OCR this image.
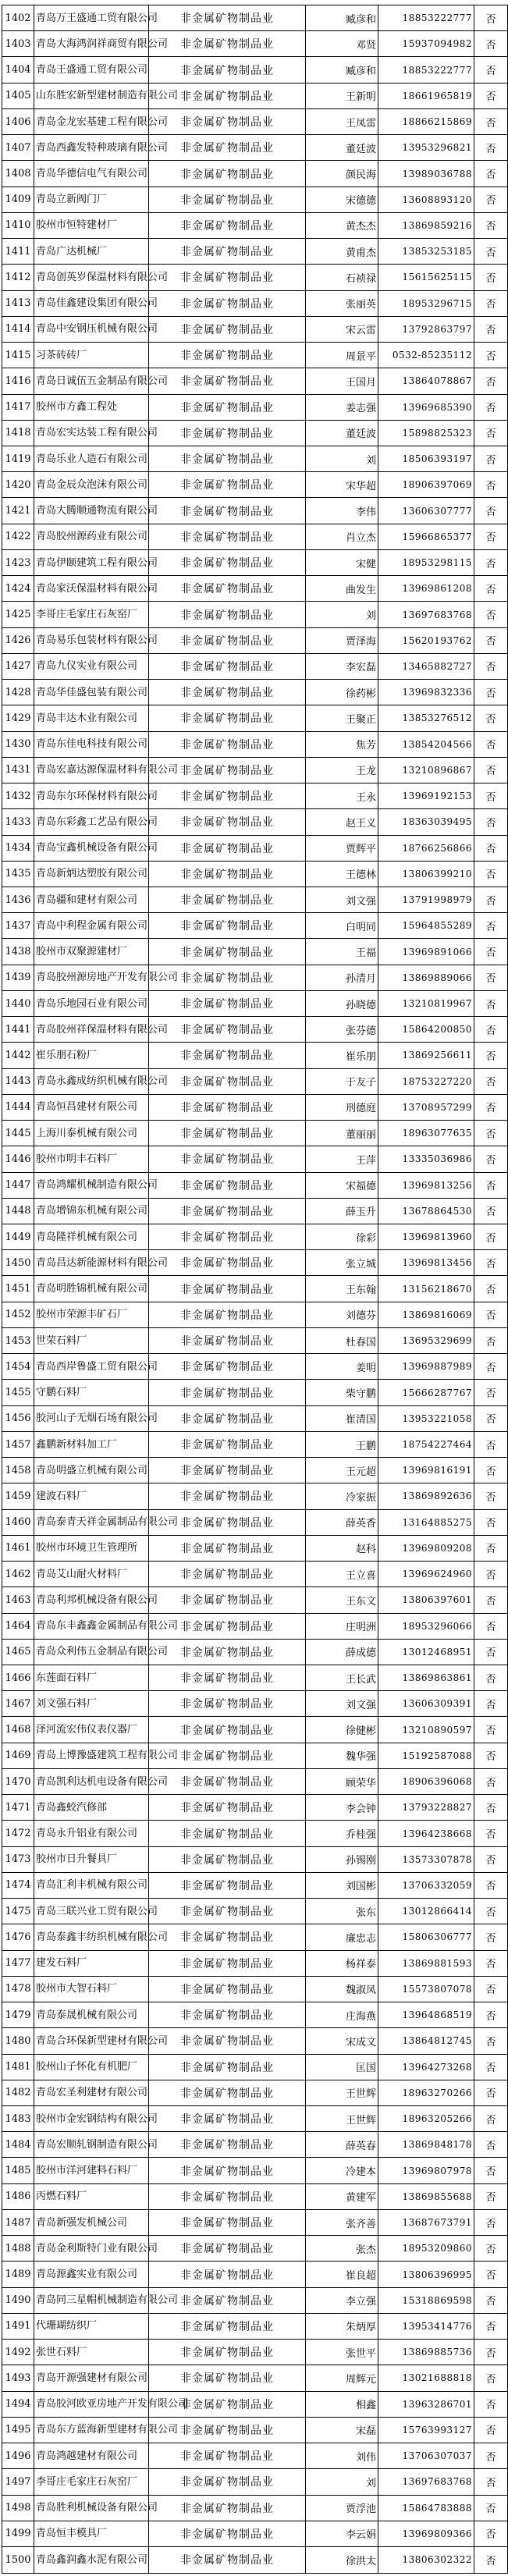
1402	青岛万王盛通工贸有限公司	非金属矿物制品业	臧彦和	18853222777	否
1403	青岛大海鸿润祥商贸有限公司	非金属矿物制品业	邓贤	15937094982	否
1404	青岛王盛通工贸有限公司	非金属矿物制品业	臧彦和	18853222777	否
1405	山东胜宏新型建材制造有限公司	非金属矿物制品业	王新明	18661965819	否
1406	青岛金龙宏基建工程有限公司	非金属矿物制品业	王凤雷	18866215869	否
1407	青岛西鑫发特种玻璃有限公司	非金属矿物制品业	董廷波	13953296821	否
1408	青岛华德信电气有限公司	非金属矿物制品业	颜民海	13989036788	否
1409	青岛立新阀门厂	非金属矿物制品业	宋德德	13608893120	否
1410	胶州市恒特建材厂	非金属矿物制品业	黄杰杰	13869859216	否
1411	青岛广达机械厂	非金属矿物制品业	黄甫杰	13853253185	否
1412	青岛创英岁保温材料有限公司	非金属矿物制品业	石祯禄	15615625115	否
1413	青岛佳鑫建设集团有限公司	非金属矿物制品业	张丽英	18953296715	否
1414	青岛中安钢压机械有限公司	非金属矿物制品业	宋云雷	13792863797	否
1415	习茶砖砖厂	非金属矿物制品业	周景平	0532-85235112	否
1416	青岛日诚伍五金制品有限公司	非金属矿物制品业	王国月	13864078867	否
1417	胶州市方鑫工程处	非金属矿物制品业	姜志强	13969685390	否
1418	青岛宏实达装工程有限公司	非金属矿物制品业	董廷波	15898825323	否
1419	青岛乐业人造石有限公司	非金属矿物制品业	刘	18506393197	否
1420	青岛金辰众泡沫有限公司	非金属矿物制品业	宋华超	18906397069	否
1421	青岛大腾顺通物流有限公司	非金属矿物制品业	李伟	13606307777	否
1422	青岛胶州源药业有限公司	非金属矿物制品业	肖立杰	15966865377	否
1423	青岛伊颐建筑工程有限公司	非金属矿物制品业	宋健	18953298115	否
1424	青岛家沃保温材料有限公司	非金属矿物制品业	曲发生	13969861208	否
1425	李哥庄毛家庄石灰窑厂	非金属矿物制品业	刘	13697683768	否
1426	青岛易乐包装材料有限公司	非金属矿物制品业	贾泽海	15620193762	否
1427	青岛九仪实业有限公司	非金属矿物制品业	李宏磊	13465882727	否
1428	青岛华佳盛包装有限公司	非金属矿物制品业	徐药彬	13969832336	否
1429	青岛丰达木业有限公司	非金属矿物制品业	王聚正	13853276512	否
1430	青岛东佳电科技有限公司	非金属矿物制品业	焦芳	13854204566	否
1431	青岛宏嘉达源保温材料有限公司	非金属矿物制品业	王龙	13210896867	否
1432	青岛东尔环保材料有限公司	非金属矿物制品业	王永	13969192153	否
1433	青岛东彩鑫工艺品有限公司	非金属矿物制品业	赵王义	18363039495	否
1434	青岛宝鑫机械设备有限公司	非金属矿物制品业	贾辉平	18766256866	否
1435	青岛新炳达塑胶有限公司	非金属矿物制品业	王德林	13806399210	否
1436	青岛疆和建材有限公司	非金属矿物制品业	刘文强	13791998979	否
1437	青岛中利程金属有限公司	非金属矿物制品业	白明同	15964855289	否
1438	胶州市双聚源建材厂	非金属矿物制品业	王福	13969891066	否
1439	青岛胶州源房地产开发有限公司	非金属矿物制品业	孙清月	13869889066	否
1440	青岛乐地园石业有限公司	非金属矿物制品业	孙晓德	13210819967	否
1441	青岛胶州祥保温材料有限公司	非金属矿物制品业	张芬德	15864200850	否
1442	崔乐朋石粉厂	非金属矿物制品业	崔乐朋	13869256611	否
1443	青岛永鑫成纺织机械有限公司	非金属矿物制品业	于友子	18753227220	否
1444	青岛恒昌建材有限公司	非金属矿物制品业	刑德庭	13708957299	否
1445	上海川泰机械有限公司	非金属矿物制品业	董丽丽	18963077635	否
1446	胶州市明丰石料厂	非金属矿物制品业	王萍	13335036986	否
1447	青岛鸿耀机械制造有限公司	非金属矿物制品业	宋福德	13969813256	否
1448	青岛增锦东机械有限公司	非金属矿物制品业	薛玉升	13678864530	否
1449	青岛隆祥机械有限公司	非金属矿物制品业	徐彩	13969813960	否
1450	青岛昌达新能源材料有限公司	非金属矿物制品业	张立城	13969813456	否
1451	青岛明胜锦机械有限公司	非金属矿物制品业	王东翰	13156218670	否
1452	胶州市荣源丰矿石厂	非金属矿物制品业	刘德芬	13869816069	否
1453	世荣石料厂	非金属矿物制品业	杜春国	13695329699	否
1454	青岛西岸鲁盛工贸有限公司	非金属矿物制品业	姜明	13969887989	否
1455	守鹏石料厂	非金属矿物制品业	柴守鹏	15666287767	否
1456	胶河山子无烟石场有限公司	非金属矿物制品业	崔清国	13953221058	否
1457	鑫鹏新材料加工厂	非金属矿物制品业	王鹏	18754227464	否
1458	青岛明盛立机械有限公司	非金属矿物制品业	王元超	13969816191	否
1459	建波石料厂	非金属矿物制品业	冷家振	13869892636	否
1460	青岛泰青天祥金属制品有限公司	非金属矿物制品业	薛英香	13164885275	否
1461	胶州市环境卫生管理所	非金属矿物制品业	赵科	13969809208	否
1462	青岛艾山耐火材料厂	非金属矿物制品业	王立喜	13969624960	否
1463	青岛利邦机械设备有限公司	非金属矿物制品业	王东文	13806397601	否
1464	青岛东丰鑫鑫金属制品有限公司	非金属矿物制品业	庄明洲	18953296066	否
1465	青岛众利伟五金制品有限公司	非金属矿物制品业	薛成德	13012468951	否
1466	东莲面石料厂	非金属矿物制品业	王长武	13869863861	否
1467	刘文强石料厂	非金属矿物制品业	刘文强	13606309391	否
1468	泽河流宏伟仪表仪器厂	非金属矿物制品业	徐健彬	13210890597	否
1469	青岛上博豫盛建筑工程有限公司	非金属矿物制品业	魏华强	15192587088	否
1470	青岛凯利达机电设备有限公司	非金属矿物制品业	顾荣华	18906396068	否
1471	青岛鑫蛟汽修部	非金属矿物制品业	李会钟	13793228827	否
1472	青岛永升铝业有限公司	非金属矿物制品业	乔桂强	13964238668	否
1473	胶州市日升餐具厂	非金属矿物制品业	孙锡刚	13573307878	否
1474	青岛汇利丰机械有限公司	非金属矿物制品业	刘国彬	13706332059	否
1475	青岛三联兴业工贸有限公司	非金属矿物制品业	张东	13012866414	否
1476	青岛泰鑫丰纺织机械有限公司	非金属矿物制品业	廉忠志	15806306777	否
1477	建发石料厂	非金属矿物制品业	杨祥泰	13869881593	否
1478	胶州市大智石料厂	非金属矿物制品业	魏淑凤	15573807078	否
1479	青岛泰晟机械有限公司	非金属矿物制品业	庄海燕	13964868519	否
1480	青岛合环保新型建材有限公司	非金属矿物制品业	宋成文	13864812745	否
1481	胶州山子怀化有机肥厂	非金属矿物制品业	匡国	13964273268	否
1482	青岛宏圣利建材有限公司	非金属矿物制品业	王世辉	18963270266	否
1483	胶州市金宏钢结构有限公司	非金属矿物制品业	王世辉	18963205266	否
1484	青岛宏顺轧钢制造有限公司	非金属矿物制品业	薛英春	13869848178	否
1485	胶州市洋河建料石料厂	非金属矿物制品业	冷建本	13969807978	否
1486	丙燃石料厂	非金属矿物制品业	黄建军	13869855688	否
1487	青岛新强发机械公司	非金属矿物制品业	张齐善	13687673791	否
1488	青岛金利斯特门业有限公司	非金属矿物制品业	张杰	18953209860	否
1489	青岛源鑫实业有限公司	非金属矿物制品业	崔良超	13806396995	否
1490	青岛同三星帽机械制造有限公司	非金属矿物制品业	李立强	15318869598	否
1491	代珊瑚纺织厂	非金属矿物制品业	朱炳厚	13953414776	否
1492	张世石料厂	非金属矿物制品业	张世平	13869885736	否
1493	青岛开源强建材有限公司	非金属矿物制品业	周辉元	13021688818	否
1494	青岛胶河欧亚房地产开发有限公司	非金属矿物制品业	相鑫	13963286701	否
1495	青岛东方蓝海新型建材有限公司	非金属矿物制品业	宋磊	15763993127	否
1496	青岛鸿越建材有限公司	非金属矿物制品业	刘伟	13706307037	否
1497	李哥庄毛家庄石灰窑厂	非金属矿物制品业	刘	13697683768	否
1498	青岛胜利机械设备有限公司	非金属矿物制品业	贾浮池	15864783888	否
1499	青岛恒丰模具厂	非金属矿物制品业	李云娟	13969809366	否
1500	青岛鑫润鑫水泥有限公司	非金属矿物制品业	徐洪太	13806302322	否
